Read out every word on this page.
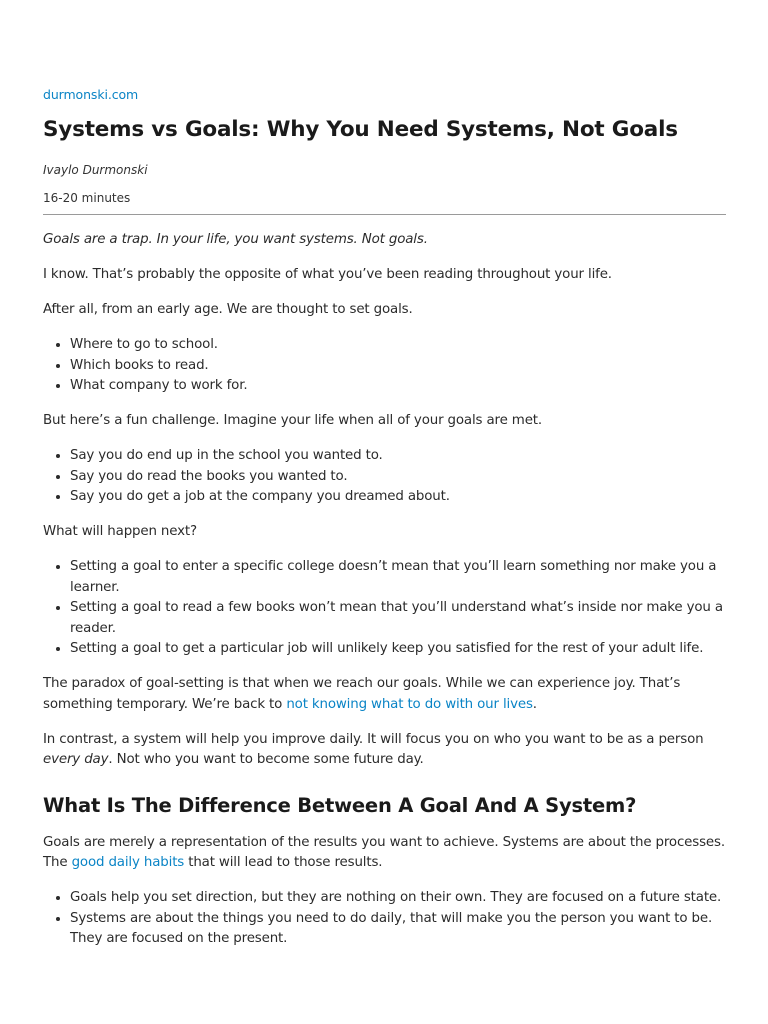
durmonski.com
Systems vs Goals: Why You Need Systems, Not Goals
Ivaylo Durmonski
16-20 minutes

Goals are a trap. In your life, you want systems. Not goals.

I know. That’s probably the opposite of what you’ve been reading throughout your life.

After all, from an early age. We are thought to set goals.

• Where to go to school.
• Which books to read.
• What company to work for.

But here’s a fun challenge. Imagine your life when all of your goals are met.

• Say you do end up in the school you wanted to.
• Say you do read the books you wanted to.
• Say you do get a job at the company you dreamed about.

What will happen next?

• Setting a goal to enter a specific college doesn’t mean that you’ll learn something nor make you a learner.
• Setting a goal to read a few books won’t mean that you’ll understand what’s inside nor make you a reader.
• Setting a goal to get a particular job will unlikely keep you satisfied for the rest of your adult life.

The paradox of goal-setting is that when we reach our goals. While we can experience joy. That’s something temporary. We’re back to not knowing what to do with our lives.

In contrast, a system will help you improve daily. It will focus you on who you want to be as a person every day. Not who you want to become some future day.

What Is The Difference Between A Goal And A System?

Goals are merely a representation of the results you want to achieve. Systems are about the processes. The good daily habits that will lead to those results.

• Goals help you set direction, but they are nothing on their own. They are focused on a future state.
• Systems are about the things you need to do daily, that will make you the person you want to be. They are focused on the present.
